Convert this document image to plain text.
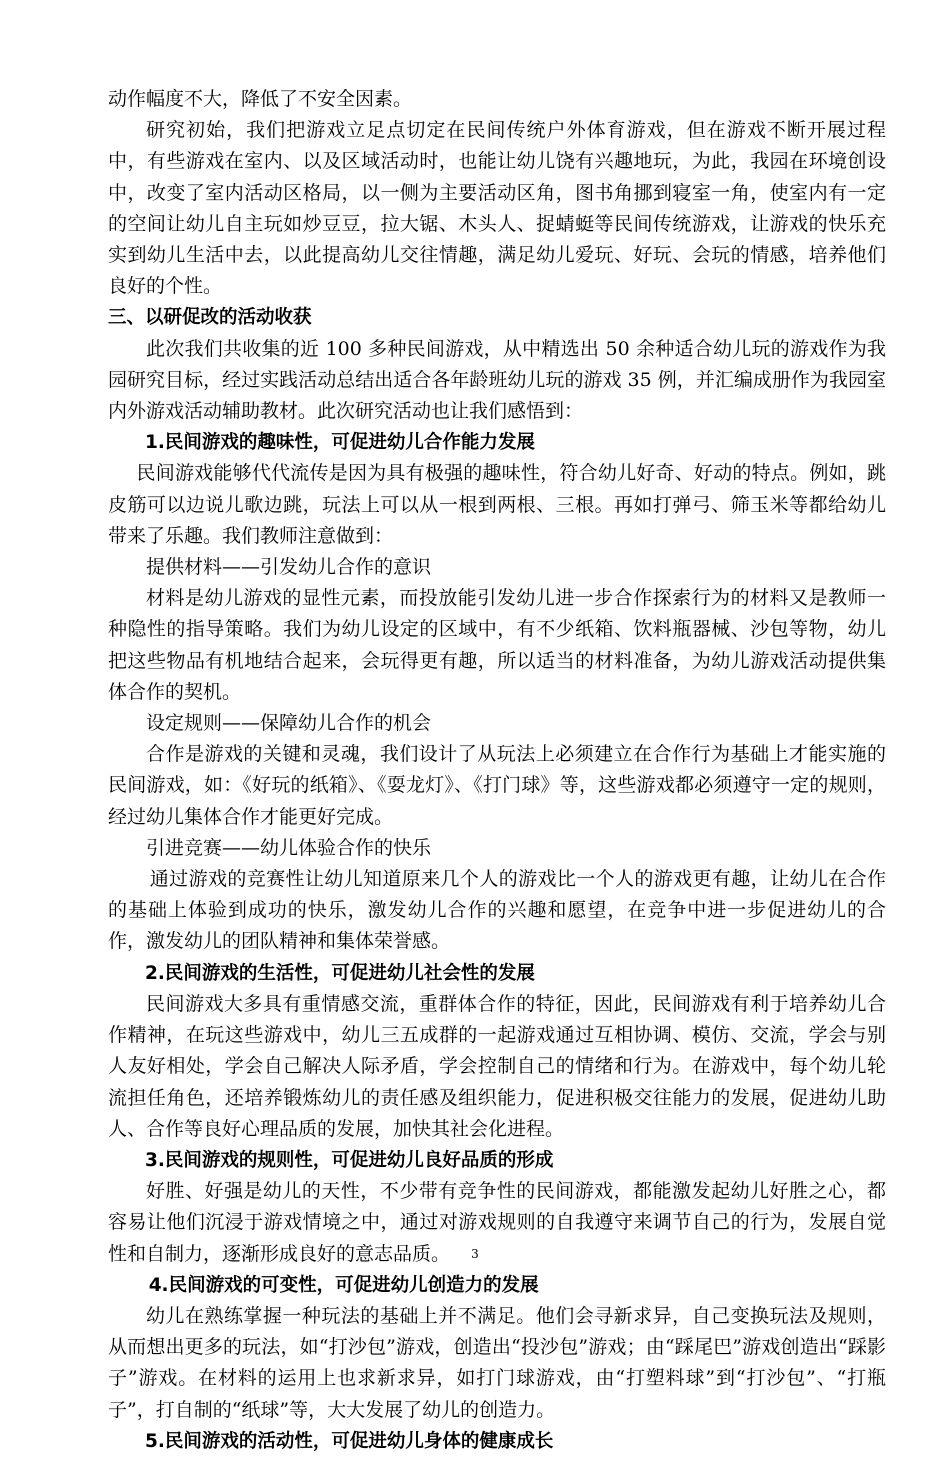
动作幅度不大，降低了不安全因素。

研究初始，我们把游戏立足点切定在民间传统户外体育游戏，但在游戏不断开展过程中，有些游戏在室内、以及区域活动时，也能让幼儿饶有兴趣地玩，为此，我园在环境创设中，改变了室内活动区格局，以一侧为主要活动区角，图书角挪到寝室一角，使室内有一定的空间让幼儿自主玩如炒豆豆，拉大锯、木头人、捉蜻蜓等民间传统游戏，让游戏的快乐充实到幼儿生活中去，以此提高幼儿交往情趣，满足幼儿爱玩、好玩、会玩的情感，培养他们良好的个性。

三、以研促改的活动收获

此次我们共收集的近 100 多种民间游戏，从中精选出 50 余种适合幼儿玩的游戏作为我园研究目标，经过实践活动总结出适合各年龄班幼儿玩的游戏 35 例，并汇编成册作为我园室内外游戏活动辅助教材。此次研究活动也让我们感悟到：

1.民间游戏的趣味性，可促进幼儿合作能力发展

民间游戏能够代代流传是因为具有极强的趣味性，符合幼儿好奇、好动的特点。例如，跳皮筋可以边说儿歌边跳，玩法上可以从一根到两根、三根。再如打弹弓、筛玉米等都给幼儿带来了乐趣。我们教师注意做到：

提供材料——引发幼儿合作的意识

材料是幼儿游戏的显性元素，而投放能引发幼儿进一步合作探索行为的材料又是教师一种隐性的指导策略。我们为幼儿设定的区域中，有不少纸箱、饮料瓶器械、沙包等物，幼儿把这些物品有机地结合起来，会玩得更有趣，所以适当的材料准备，为幼儿游戏活动提供集体合作的契机。

设定规则——保障幼儿合作的机会

合作是游戏的关键和灵魂，我们设计了从玩法上必须建立在合作行为基础上才能实施的民间游戏，如：《好玩的纸箱》、《耍龙灯》、《打门球》等，这些游戏都必须遵守一定的规则，经过幼儿集体合作才能更好完成。

引进竞赛——幼儿体验合作的快乐

通过游戏的竞赛性让幼儿知道原来几个人的游戏比一个人的游戏更有趣，让幼儿在合作的基础上体验到成功的快乐，激发幼儿合作的兴趣和愿望，在竞争中进一步促进幼儿的合作，激发幼儿的团队精神和集体荣誉感。

2.民间游戏的生活性，可促进幼儿社会性的发展

民间游戏大多具有重情感交流，重群体合作的特征，因此，民间游戏有利于培养幼儿合作精神，在玩这些游戏中，幼儿三五成群的一起游戏通过互相协调、模仿、交流，学会与别人友好相处，学会自己解决人际矛盾，学会控制自己的情绪和行为。在游戏中，每个幼儿轮流担任角色，还培养锻炼幼儿的责任感及组织能力，促进积极交往能力的发展，促进幼儿助人、合作等良好心理品质的发展，加快其社会化进程。

3.民间游戏的规则性，可促进幼儿良好品质的形成

好胜、好强是幼儿的天性，不少带有竞争性的民间游戏，都能激发起幼儿好胜之心，都容易让他们沉浸于游戏情境之中，通过对游戏规则的自我遵守来调节自己的行为，发展自觉性和自制力，逐渐形成良好的意志品质。

4.民间游戏的可变性，可促进幼儿创造力的发展

幼儿在熟练掌握一种玩法的基础上并不满足。他们会寻新求异，自己变换玩法及规则，从而想出更多的玩法，如“打沙包”游戏，创造出“投沙包”游戏；由“踩尾巴”游戏创造出“踩影子”游戏。在材料的运用上也求新求异，如打门球游戏，由“打塑料球”到“打沙包”、“打瓶子”，打自制的“纸球”等，大大发展了幼儿的创造力。

5.民间游戏的活动性，可促进幼儿身体的健康成长

3
